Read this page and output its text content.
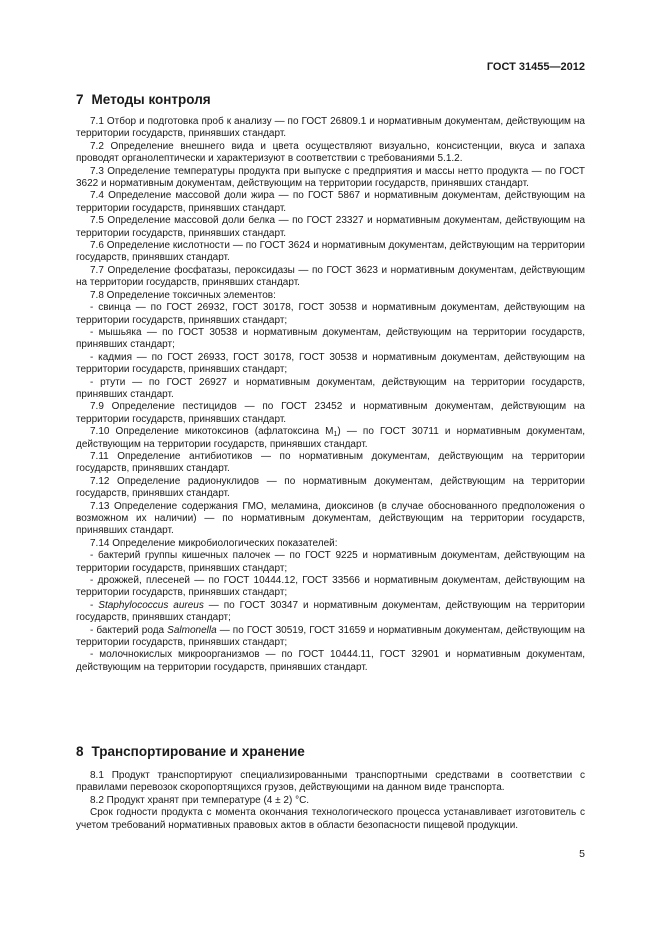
ГОСТ 31455—2012
7 Методы контроля

7.1 Отбор и подготовка проб к анализу — по ГОСТ 26809.1 и нормативным документам, действующим на территории государств, принявших стандарт.

7.2 Определение внешнего вида и цвета осуществляют визуально, консистенции, вкуса и запаха проводят органолептически и характеризуют в соответствии с требованиями 5.1.2.

7.3 Определение температуры продукта при выпуске с предприятия и массы нетто продукта — по ГОСТ 3622 и нормативным документам, действующим на территории государств, принявших стандарт.

7.4 Определение массовой доли жира — по ГОСТ 5867 и нормативным документам, действующим на территории государств, принявших стандарт.

7.5 Определение массовой доли белка — по ГОСТ 23327 и нормативным документам, действующим на территории государств, принявших стандарт.

7.6 Определение кислотности — по ГОСТ 3624 и нормативным документам, действующим на территории государств, принявших стандарт.

7.7 Определение фосфатазы, пероксидазы — по ГОСТ 3623 и нормативным документам, действующим на территории государств, принявших стандарт.

7.8 Определение токсичных элементов:

- свинца — по ГОСТ 26932, ГОСТ 30178, ГОСТ 30538 и нормативным документам, действующим на территории государств, принявших стандарт;

- мышьяка — по ГОСТ 30538 и нормативным документам, действующим на территории государств, принявших стандарт;

- кадмия — по ГОСТ 26933, ГОСТ 30178, ГОСТ 30538 и нормативным документам, действующим на территории государств, принявших стандарт;

- ртути — по ГОСТ 26927 и нормативным документам, действующим на территории государств, принявших стандарт.

7.9 Определение пестицидов — по ГОСТ 23452 и нормативным документам, действующим на территории государств, принявших стандарт.

7.10 Определение микотоксинов (афлатоксина $М_1$) — по ГОСТ 30711 и нормативным документам, действующим на территории государств, принявших стандарт.

7.11 Определение антибиотиков — по нормативным документам, действующим на территории государств, принявших стандарт.

7.12 Определение радионуклидов — по нормативным документам, действующим на территории государств, принявших стандарт.

7.13 Определение содержания ГМО, меламина, диоксинов (в случае обоснованного предположения о возможном их наличии) — по нормативным документам, действующим на территории государств, принявших стандарт.

7.14 Определение микробиологических показателей:

- бактерий группы кишечных палочек — по ГОСТ 9225 и нормативным документам, действующим на территории государств, принявших стандарт;

- дрожжей, плесеней — по ГОСТ 10444.12, ГОСТ 33566 и нормативным документам, действующим на территории государств, принявших стандарт;

- Staphylococcus aureus — по ГОСТ 30347 и нормативным документам, действующим на территории государств, принявших стандарт;

- бактерий рода Salmonella — по ГОСТ 30519, ГОСТ 31659 и нормативным документам, действующим на территории государств, принявших стандарт;

- молочнокислых микроорганизмов — по ГОСТ 10444.11, ГОСТ 32901 и нормативным документам, действующим на территории государств, принявших стандарт.

8 Транспортирование и хранение

8.1 Продукт транспортируют специализированными транспортными средствами в соответствии с правилами перевозок скоропортящихся грузов, действующими на данном виде транспорта.

8.2 Продукт хранят при температуре (4 ± 2) °С.

Срок годности продукта с момента окончания технологического процесса устанавливает изготовитель с учетом требований нормативных правовых актов в области безопасности пищевой продукции.

5
